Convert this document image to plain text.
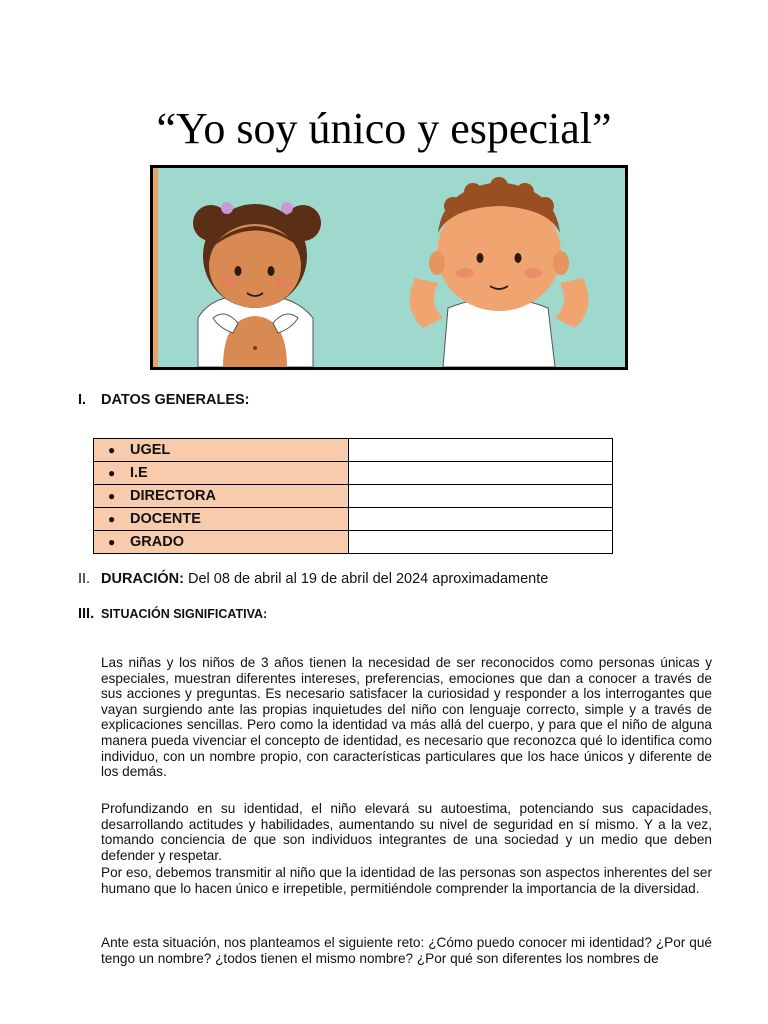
“Yo soy único y especial”
I. DATOS GENERALES:
● UGEL	
● I.E	
● DIRECTORA	
● DOCENTE	
● GRADO	
II. DURACIÓN: Del 08 de abril al 19 de abril del 2024 aproximadamente
III. SITUACIÓN SIGNIFICATIVA:

Las niñas y los niños de 3 años tienen la necesidad de ser reconocidos como personas únicas y especiales, muestran diferentes intereses, preferencias, emociones que dan a conocer a través de sus acciones y preguntas. Es necesario satisfacer la curiosidad y responder a los interrogantes que vayan surgiendo ante las propias inquietudes del niño con lenguaje correcto, simple y a través de explicaciones sencillas. Pero como la identidad va más allá del cuerpo, y para que el niño de alguna manera pueda vivenciar el concepto de identidad, es necesario que reconozca qué lo identifica como individuo, con un nombre propio, con características particulares que los hace únicos y diferente de los demás.

Profundizando en su identidad, el niño elevará su autoestima, potenciando sus capacidades, desarrollando actitudes y habilidades, aumentando su nivel de seguridad en sí mismo. Y a la vez, tomando conciencia de que son individuos integrantes de una sociedad y un medio que deben defender y respetar.

Por eso, debemos transmitir al niño que la identidad de las personas son aspectos inherentes del ser humano que lo hacen único e irrepetible, permitiéndole comprender la importancia de la diversidad.

Ante esta situación, nos planteamos el siguiente reto: ¿Cómo puedo conocer mi identidad? ¿Por qué tengo un nombre? ¿todos tienen el mismo nombre? ¿Por qué son diferentes los nombres de
